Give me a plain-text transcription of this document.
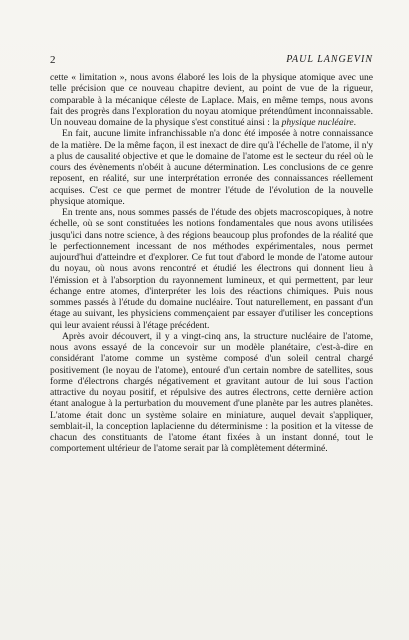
2	PAUL LANGEVIN

cette « limitation », nous avons élaboré les lois de la physique atomique avec une telle précision que ce nouveau chapitre devient, au point de vue de la rigueur, comparable à la mécanique céleste de Laplace. Mais, en même temps, nous avons fait des progrès dans l'exploration du noyau atomique prétendûment inconnaissable. Un nouveau domaine de la physique s'est constitué ainsi : la physique nucléaire.

En fait, aucune limite infranchissable n'a donc été imposée à notre connaissance de la matière. De la même façon, il est inexact de dire qu'à l'échelle de l'atome, il n'y a plus de causalité objective et que le domaine de l'atome est le secteur du réel où le cours des évènements n'obéit à aucune détermination. Les conclusions de ce genre reposent, en réalité, sur une interprétation erronée des connaissances réellement acquises. C'est ce que permet de montrer l'étude de l'évolution de la nouvelle physique atomique.

En trente ans, nous sommes passés de l'étude des objets macroscopiques, à notre échelle, où se sont constituées les notions fondamentales que nous avons utilisées jusqu'ici dans notre science, à des régions beaucoup plus profondes de la réalité que le perfectionnement incessant de nos méthodes expérimentales, nous permet aujourd'hui d'atteindre et d'explorer. Ce fut tout d'abord le monde de l'atome autour du noyau, où nous avons rencontré et étudié les électrons qui donnent lieu à l'émission et à l'absorption du rayonnement lumineux, et qui permettent, par leur échange entre atomes, d'interpréter les lois des réactions chimiques. Puis nous sommes passés à l'étude du domaine nucléaire. Tout naturellement, en passant d'un étage au suivant, les physiciens commençaient par essayer d'utiliser les conceptions qui leur avaient réussi à l'étage précédent.

Après avoir découvert, il y a vingt-cinq ans, la structure nucléaire de l'atome, nous avons essayé de la concevoir sur un modèle planétaire, c'est-à-dire en considérant l'atome comme un système composé d'un soleil central chargé positivement (le noyau de l'atome), entouré d'un certain nombre de satellites, sous forme d'électrons chargés négativement et gravitant autour de lui sous l'action attractive du noyau positif, et répulsive des autres électrons, cette dernière action étant analogue à la perturbation du mouvement d'une planète par les autres planètes. L'atome était donc un système solaire en miniature, auquel devait s'appliquer, semblait-il, la conception laplacienne du déterminisme : la position et la vitesse de chacun des constituants de l'atome étant fixées à un instant donné, tout le comportement ultérieur de l'atome serait par là complètement déterminé.
